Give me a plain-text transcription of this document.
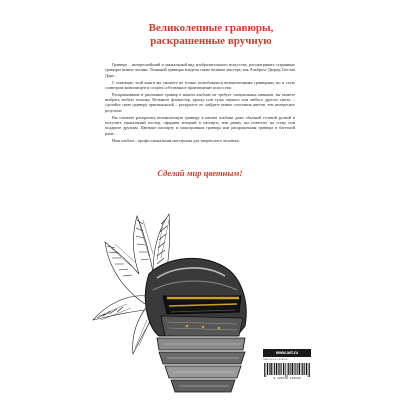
Великолепные гравюры,
раскрашенные вручную

Гравюра – интереснейший и уникальный вид изобразительного искусства, рассматривать старинные гравюры можно часами. Техникой гравюры владели такие великие мастера, как Альбрехт Дюрер, Гюстав Доре...

С помощью этой книги вы сможете не только полюбоваться великолепными гравюрами, но и стать соавтором живописцев и создать собственное произведение искусства.

Раскрашивание и рисование гравюр в нашем альбоме не требует специальных навыков, вы можете выбрать любую технику. Возьмите фломастер, краску или тушь черного или любого другого цвета, – сделайте свою гравюру оригинальной – раскрасьте ее, найдите новые сочетания цветов, тем интереснее результат.

Вы сможете раскрасить великолепную гравюру в нашем альбоме даже обычной гелевой ручкой и получить уникальный постер, оформив который в паспарту или рамку, вы повесите на стену или подарите друзьям. Цветные паспарту и монохромная гравюра или раскрашенная гравюра в багетной раме...

Наш альбом – профессиональная мастерская для творческого человека.

Сделай мир цветным!
www.ast.ru
ISBN 978-5-17-097653-8
9 785170 976538
